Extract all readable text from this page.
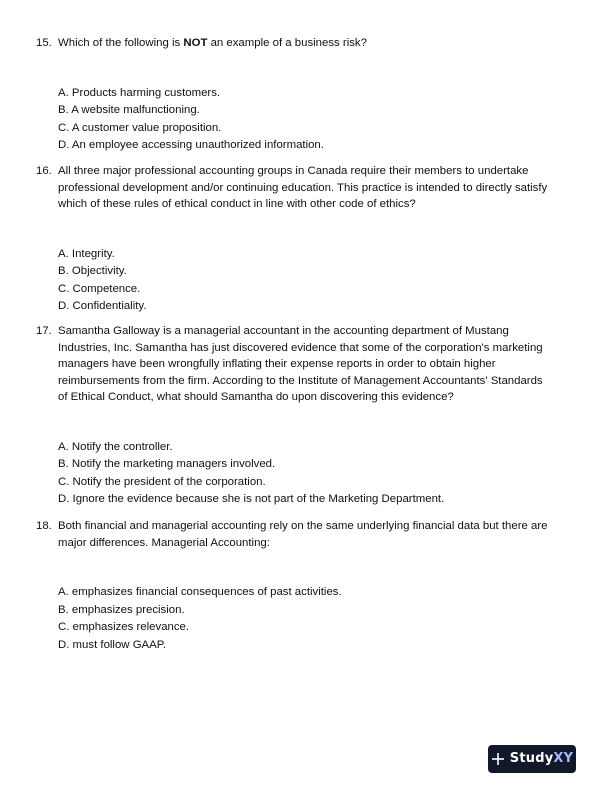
15. Which of the following is NOT an example of a business risk?
A. Products harming customers.
B. A website malfunctioning.
C. A customer value proposition.
D. An employee accessing unauthorized information.
16. All three major professional accounting groups in Canada require their members to undertake
professional development and/or continuing education. This practice is intended to directly satisfy
which of these rules of ethical conduct in line with other code of ethics?
A. Integrity.
B. Objectivity.
C. Competence.
D. Confidentiality.
17. Samantha Galloway is a managerial accountant in the accounting department of Mustang
Industries, Inc. Samantha has just discovered evidence that some of the corporation's marketing
managers have been wrongfully inflating their expense reports in order to obtain higher
reimbursements from the firm. According to the Institute of Management Accountants' Standards
of Ethical Conduct, what should Samantha do upon discovering this evidence?
A. Notify the controller.
B. Notify the marketing managers involved.
C. Notify the president of the corporation.
D. Ignore the evidence because she is not part of the Marketing Department.
18. Both financial and managerial accounting rely on the same underlying financial data but there are
major differences. Managerial Accounting:
A. emphasizes financial consequences of past activities.
B. emphasizes precision.
C. emphasizes relevance.
D. must follow GAAP.
StudyXY
